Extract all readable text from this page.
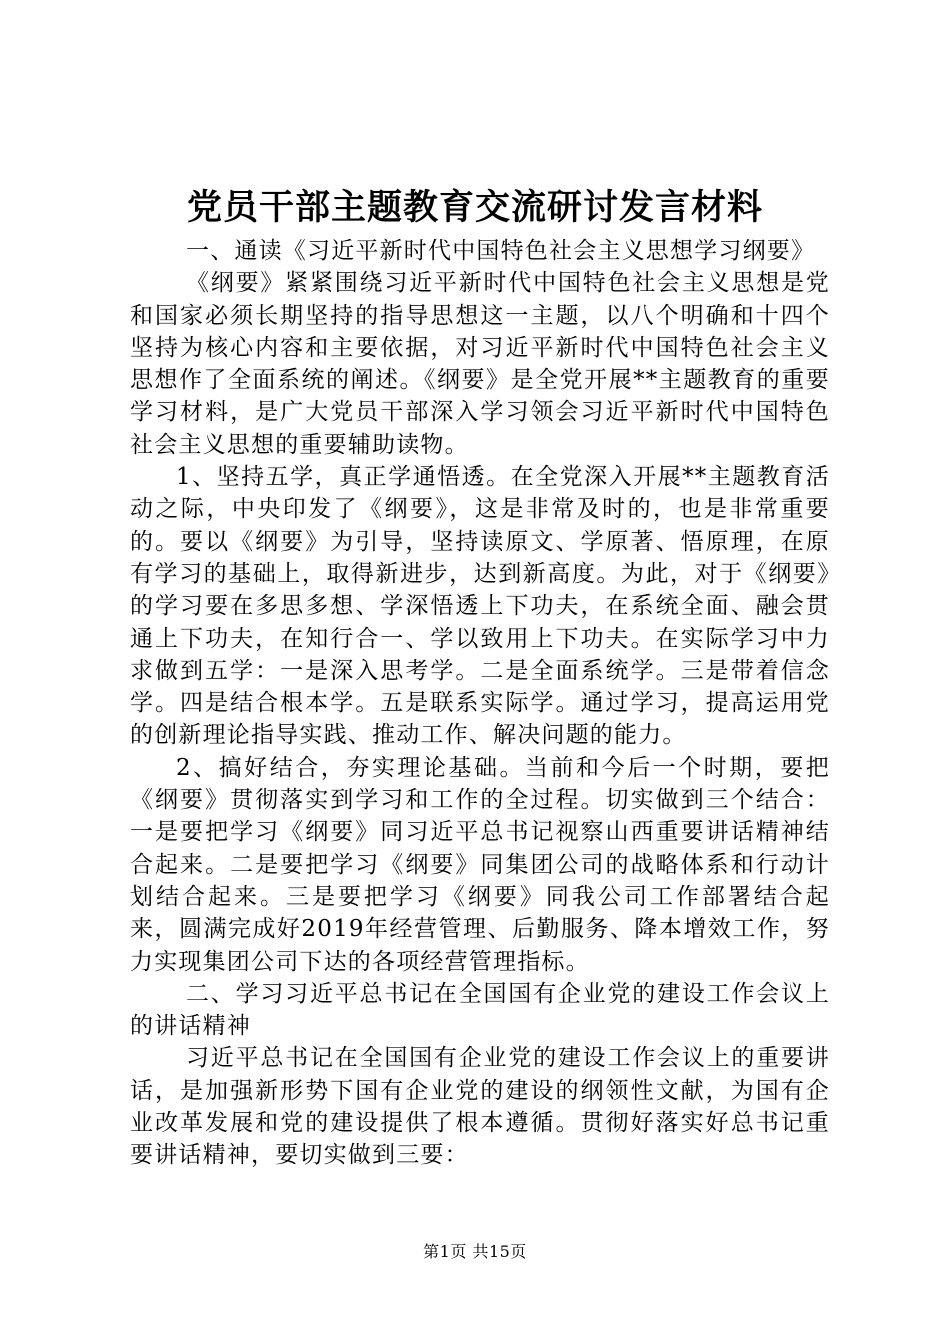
党员干部主题教育交流研讨发言材料

一、通读《习近平新时代中国特色社会主义思想学习纲要》

《纲要》紧紧围绕习近平新时代中国特色社会主义思想是党和国家必须长期坚持的指导思想这一主题，以八个明确和十四个坚持为核心内容和主要依据，对习近平新时代中国特色社会主义思想作了全面系统的阐述。《纲要》是全党开展**主题教育的重要学习材料，是广大党员干部深入学习领会习近平新时代中国特色社会主义思想的重要辅助读物。

1、坚持五学，真正学通悟透。在全党深入开展**主题教育活动之际，中央印发了《纲要》，这是非常及时的，也是非常重要的。要以《纲要》为引导，坚持读原文、学原著、悟原理，在原有学习的基础上，取得新进步，达到新高度。为此，对于《纲要》的学习要在多思多想、学深悟透上下功夫，在系统全面、融会贯通上下功夫，在知行合一、学以致用上下功夫。在实际学习中力求做到五学：一是深入思考学。二是全面系统学。三是带着信念学。四是结合根本学。五是联系实际学。通过学习，提高运用党的创新理论指导实践、推动工作、解决问题的能力。

2、搞好结合，夯实理论基础。当前和今后一个时期，要把《纲要》贯彻落实到学习和工作的全过程。切实做到三个结合：一是要把学习《纲要》同习近平总书记视察山西重要讲话精神结合起来。二是要把学习《纲要》同集团公司的战略体系和行动计划结合起来。三是要把学习《纲要》同我公司工作部署结合起来，圆满完成好2019年经营管理、后勤服务、降本增效工作，努力实现集团公司下达的各项经营管理指标。

二、学习习近平总书记在全国国有企业党的建设工作会议上的讲话精神

习近平总书记在全国国有企业党的建设工作会议上的重要讲话，是加强新形势下国有企业党的建设的纲领性文献，为国有企业改革发展和党的建设提供了根本遵循。贯彻好落实好总书记重要讲话精神，要切实做到三要：

第1页 共15页
